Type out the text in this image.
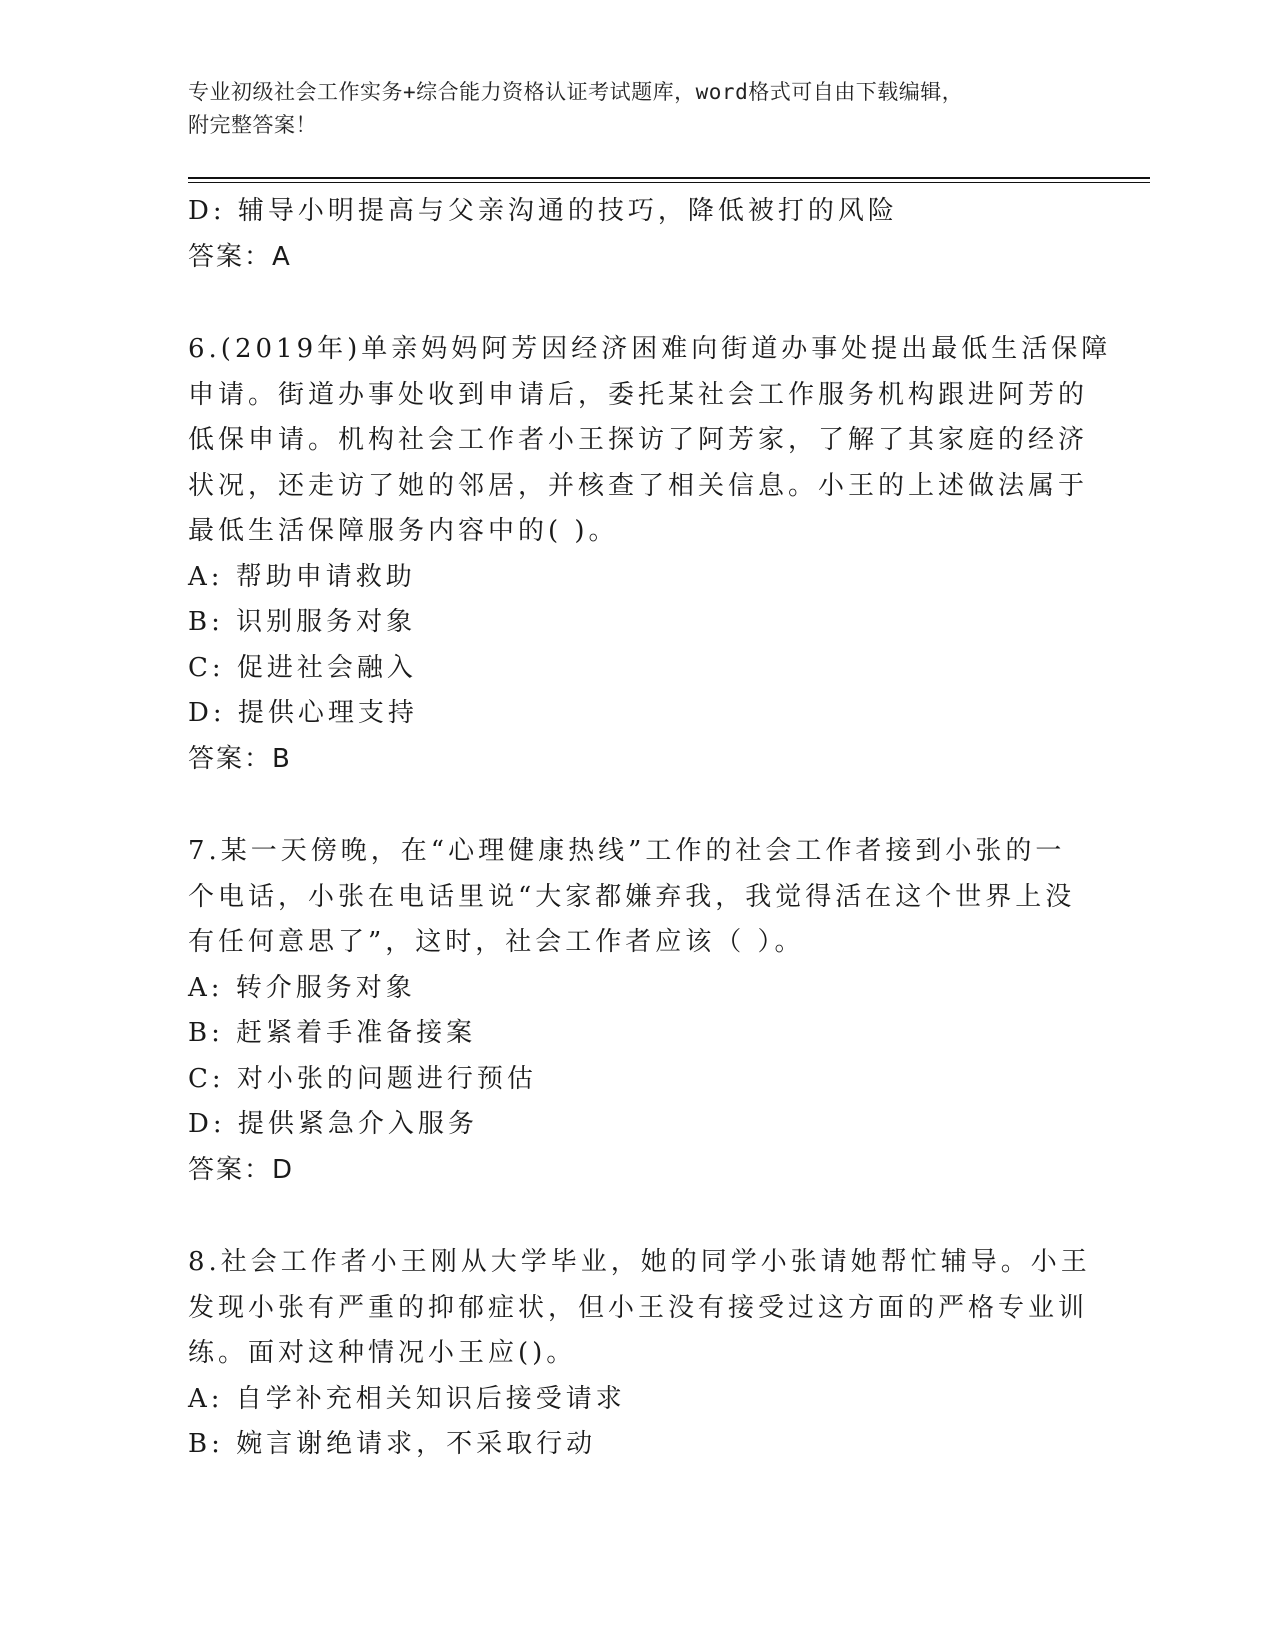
专业初级社会工作实务+综合能力资格认证考试题库，word格式可自由下载编辑，
附完整答案！
D: 辅导小明提高与父亲沟通的技巧，降低被打的风险
答案：A
6.(2019年)单亲妈妈阿芳因经济困难向街道办事处提出最低生活保障
申请。街道办事处收到申请后，委托某社会工作服务机构跟进阿芳的
低保申请。机构社会工作者小王探访了阿芳家，了解了其家庭的经济
状况，还走访了她的邻居，并核查了相关信息。小王的上述做法属于
最低生活保障服务内容中的( )。
A: 帮助申请救助
B: 识别服务对象
C: 促进社会融入
D: 提供心理支持
答案：B
7.某一天傍晚，在“心理健康热线”工作的社会工作者接到小张的一
个电话，小张在电话里说“大家都嫌弃我，我觉得活在这个世界上没
有任何意思了”，这时，社会工作者应该（ ）。
A: 转介服务对象
B: 赶紧着手准备接案
C: 对小张的问题进行预估
D: 提供紧急介入服务
答案：D
8.社会工作者小王刚从大学毕业，她的同学小张请她帮忙辅导。小王
发现小张有严重的抑郁症状，但小王没有接受过这方面的严格专业训
练。面对这种情况小王应()。
A: 自学补充相关知识后接受请求
B: 婉言谢绝请求，不采取行动
